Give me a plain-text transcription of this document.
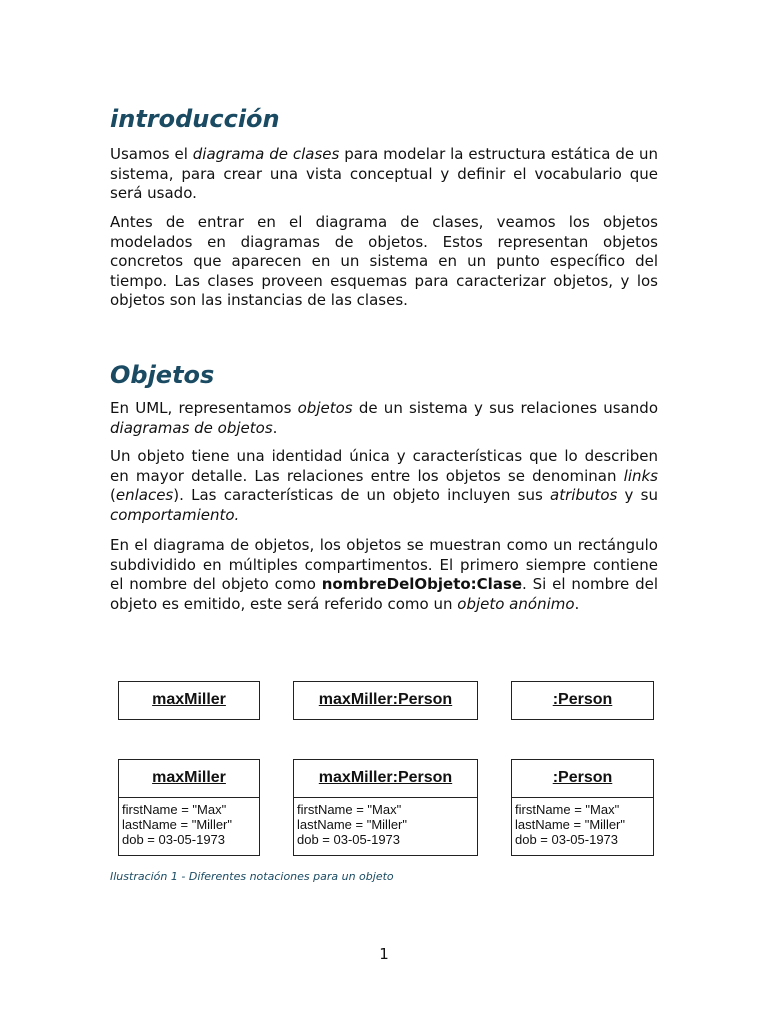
introducción

Usamos el diagrama de clases para modelar la estructura estática de un sistema, para crear una vista conceptual y definir el vocabulario que será usado.

Antes de entrar en el diagrama de clases, veamos los objetos modelados en diagramas de objetos. Estos representan objetos concretos que aparecen en un sistema en un punto específico del tiempo. Las clases proveen esquemas para caracterizar objetos, y los objetos son las instancias de las clases.

Objetos

En UML, representamos objetos de un sistema y sus relaciones usando diagramas de objetos.

Un objeto tiene una identidad única y características que lo describen en mayor detalle. Las relaciones entre los objetos se denominan links (enlaces). Las características de un objeto incluyen sus atributos y su comportamiento.

En el diagrama de objetos, los objetos se muestran como un rectángulo subdividido en múltiples compartimentos. El primero siempre contiene el nombre del objeto como nombreDelObjeto:Clase. Si el nombre del objeto es emitido, este será referido como un objeto anónimo.

maxMiller	maxMiller:Person	:Person
maxMiller
firstName = "Max"
lastName = "Miller"
dob = 03-05-1973
maxMiller:Person
firstName = "Max"
lastName = "Miller"
dob = 03-05-1973
:Person
firstName = "Max"
lastName = "Miller"
dob = 03-05-1973
Ilustración 1 - Diferentes notaciones para un objeto
1
